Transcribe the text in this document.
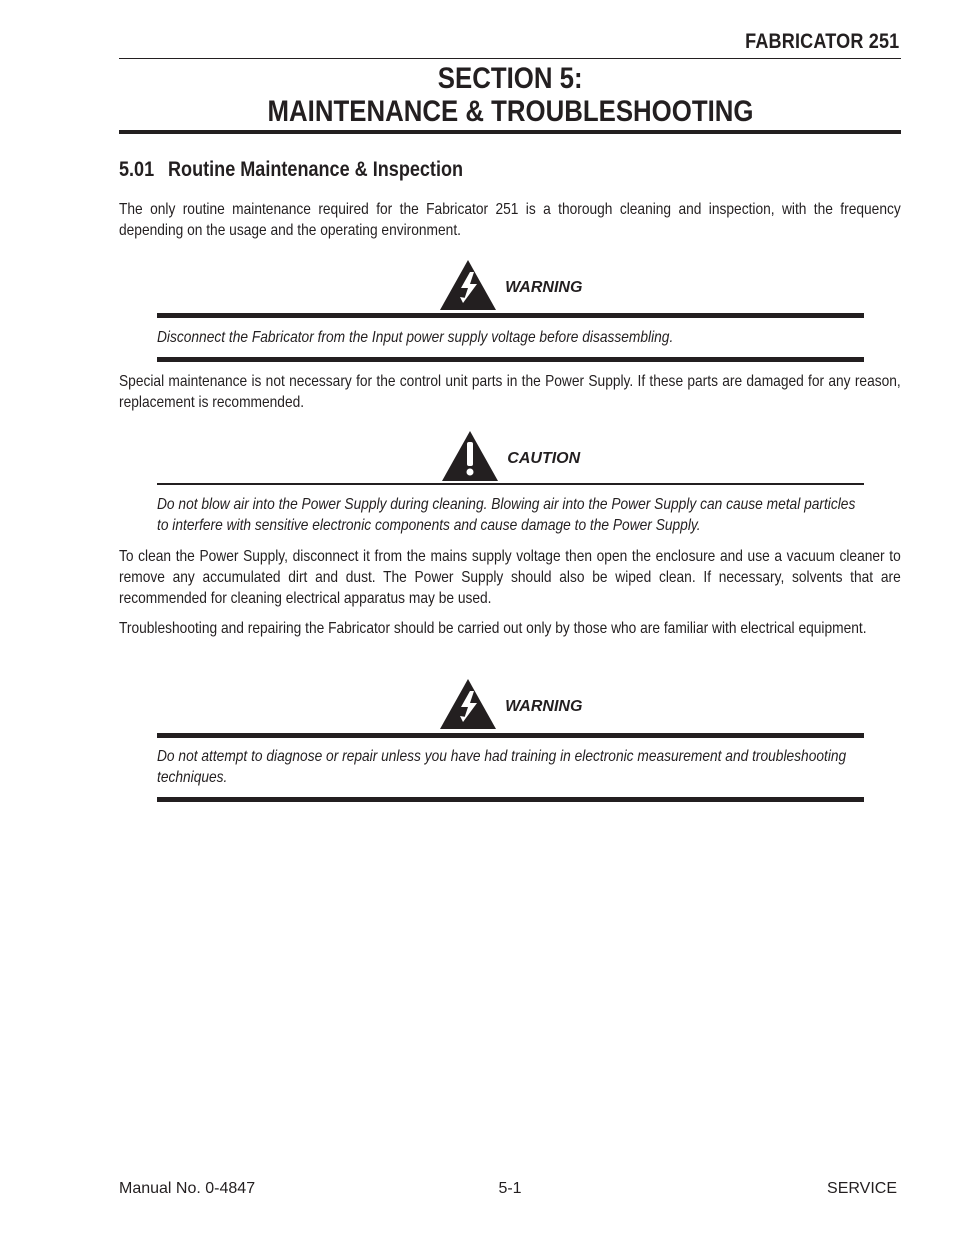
FABRICATOR 251
SECTION 5:
MAINTENANCE & TROUBLESHOOTING
5.01 Routine Maintenance & Inspection

The only routine maintenance required for the Fabricator 251 is a thorough cleaning and inspection, with the frequency depending on the usage and the operating environment.

WARNING

Disconnect the Fabricator from the Input power supply voltage before disassembling.

Special maintenance is not necessary for the control unit parts in the Power Supply. If these parts are damaged for any reason, replacement is recommended.

CAUTION

Do not blow air into the Power Supply during cleaning. Blowing air into the Power Supply can cause metal particles to interfere with sensitive electronic components and cause damage to the Power Supply.

To clean the Power Supply, disconnect it from the mains supply voltage then open the enclosure and use a vacuum cleaner to remove any accumulated dirt and dust. The Power Supply should also be wiped clean. If necessary, solvents that are recommended for cleaning electrical apparatus may be used.

Troubleshooting and repairing the Fabricator should be carried out only by those who are familiar with electrical equipment.

WARNING

Do not attempt to diagnose or repair unless you have had training in electronic measurement and troubleshooting techniques.

Manual No. 0-4847	5-1	SERVICE
